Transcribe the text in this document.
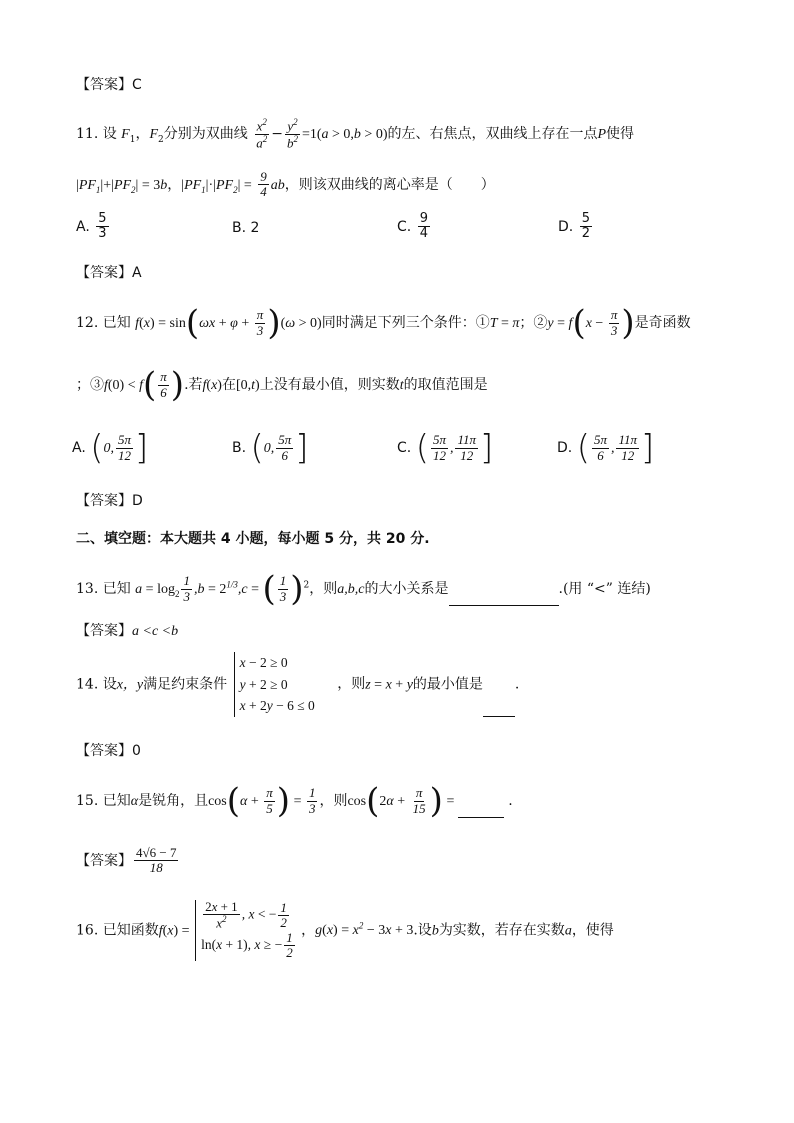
【答案】C
11. 设 $F_1$，$F_2$分别为双曲线 $\frac{x^2}{a^2} - \frac{y^2}{b^2} =1(a > 0,b > 0)$的左、右焦点，双曲线上存在一点P使得
$|PF_1|+|PF_2| = 3b$，$|PF_1|\cdot|PF_2| = \frac{9}{4}$ ab，则该双曲线的离心率是（　　）
A. $\frac{5}{3}$	B. 2	C. $\frac{9}{4}$	D. $\frac{5}{2}$
【答案】A
12. 已知 $f(x) = \sin(\omega x + \varphi + \frac{\pi}{3} )(\omega > 0)$同时满足下列三个条件：①T = π；②y = $f(x - \frac{\pi}{3}$ )是奇函数
；③f(0) < $f( \frac{\pi}{6}$ ).若f(x)在[0,t)上没有最小值，则实数t的取值范围是
A. (0, $\frac{5\pi}{12}$ ]	B. (0, $\frac{5\pi}{6}$ ]	C. ( $\frac{5\pi}{12}$ , $\frac{11\pi}{12}$ ]	D. ( $\frac{5\pi}{6}$ , $\frac{11\pi}{12}$ ]
【答案】D
二、填空题：本大题共 4 小题，每小题 5 分，共 20 分.
13. 已知 $a = \log_2 \frac{1}{3} ,b = 2^{1/3},c$ = ( $\frac{1}{3} )^2$，则a,b,c的大小关系是	.(用 “<” 连结)
【答案】a <c <b
14. 设x，y满足约束条件
x − 2 ≥ 0
y + 2 ≥ 0
x + 2y − 6 ≤ 0
，则z = x + y的最小值是 .
【答案】0
15. 已知α是锐角，且$\cos(\alpha + \frac{\pi}{5}$ ) = $\frac{1}{3}$ ，则$\cos(2\alpha + \frac{\pi}{15}$ ) =	.
【答案】 $\frac{4√6 - 7}{18}$
16. 已知函数$f(x) = \frac{2x + 1}{x^2}$ , x < − $\frac{1}{2}$
ln(x + 1), x ≥ − $\frac{1}{2}$
，$g(x) = x^2 - 3x + 3$.设b为实数，若存在实数a，使得
